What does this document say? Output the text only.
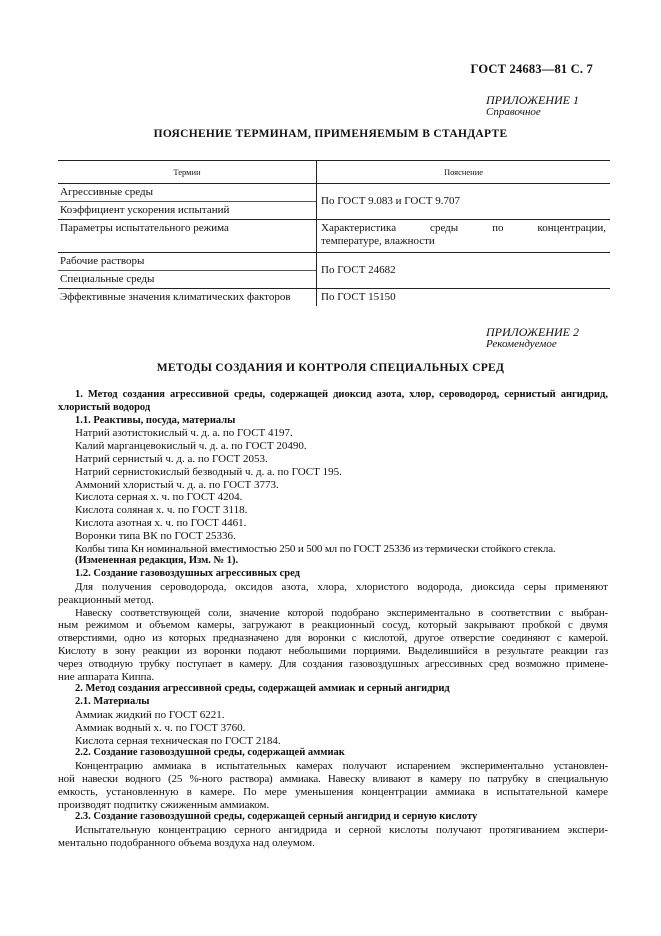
ГОСТ 24683—81 С. 7
ПРИЛОЖЕНИЕ 1
Справочное
ПОЯСНЕНИЕ ТЕРМИНАМ, ПРИМЕНЯЕМЫМ В СТАНДАРТЕ
Термин	Пояснение
Агрессивные среды	По ГОСТ 9.083 и ГОСТ 9.707
Коэффициент ускорения испытаний	
Параметры испытательного режима	Характеристика среды по концентрации,
температуре, влажности

Рабочие растворы	По ГОСТ 24682
Специальные среды	
Эффективные значения климатических факторов	По ГОСТ 15150
ПРИЛОЖЕНИЕ 2
Рекомендуемое
МЕТОДЫ СОЗДАНИЯ И КОНТРОЛЯ СПЕЦИАЛЬНЫХ СРЕД

1. Метод создания агрессивной среды, содержащей диоксид азота, хлор, сероводород, сернистый ангидрид,

хлористый водород

1.1. Реактивы, посуда, материалы

Натрий азотистокислый ч. д. а. по ГОСТ 4197.

Калий марганцевокислый ч. д. а. по ГОСТ 20490.

Натрий сернистый ч. д. а. по ГОСТ 2053.

Натрий сернистокислый безводный ч. д. а. по ГОСТ 195.

Аммоний хлористый ч. д. а. по ГОСТ 3773.

Кислота серная х. ч. по ГОСТ 4204.

Кислота соляная х. ч. по ГОСТ 3118.

Кислота азотная х. ч. по ГОСТ 4461.

Воронки типа ВК по ГОСТ 25336.

Колбы типа Кн номинальной вместимостью 250 и 500 мл по ГОСТ 25336 из термически стойкого стекла.

(Измененная редакция, Изм. № 1).

1.2. Создание газовоздушных агрессивных сред

Для получения сероводорода, оксидов азота, хлора, хлористого водорода, диоксида серы применяют

реакционный метод.

Навеску соответствующей соли, значение которой подобрано экспериментально в соответствии с выбран-

ным режимом и объемом камеры, загружают в реакционный сосуд, который закрывают пробкой с двумя

отверстиями, одно из которых предназначено для воронки с кислотой, другое отверстие соединяют с камерой.

Кислоту в зону реакции из воронки подают небольшими порциями. Выделившийся в результате реакции газ

через отводную трубку поступает в камеру. Для создания газовоздушных агрессивных сред возможно примене-

ние аппарата Киппа.

2. Метод создания агрессивной среды, содержащей аммиак и серный ангидрид

2.1. Материалы

Аммиак жидкий по ГОСТ 6221.

Аммиак водный х. ч. по ГОСТ 3760.

Кислота серная техническая по ГОСТ 2184.

2.2. Создание газовоздушной среды, содержащей аммиак

Концентрацию аммиака в испытательных камерах получают испарением экспериментально установлен-

ной навески водного (25 %-ного раствора) аммиака. Навеску вливают в камеру по патрубку в специальную

емкость, установленную в камере. По мере уменьшения концентрации аммиака в испытательной камере

производят подпитку сжиженным аммиаком.

2.3. Создание газовоздушной среды, содержащей серный ангидрид и серную кислоту

Испытательную концентрацию серного ангидрида и серной кислоты получают протягиванием экспери-

ментально подобранного объема воздуха над олеумом.
